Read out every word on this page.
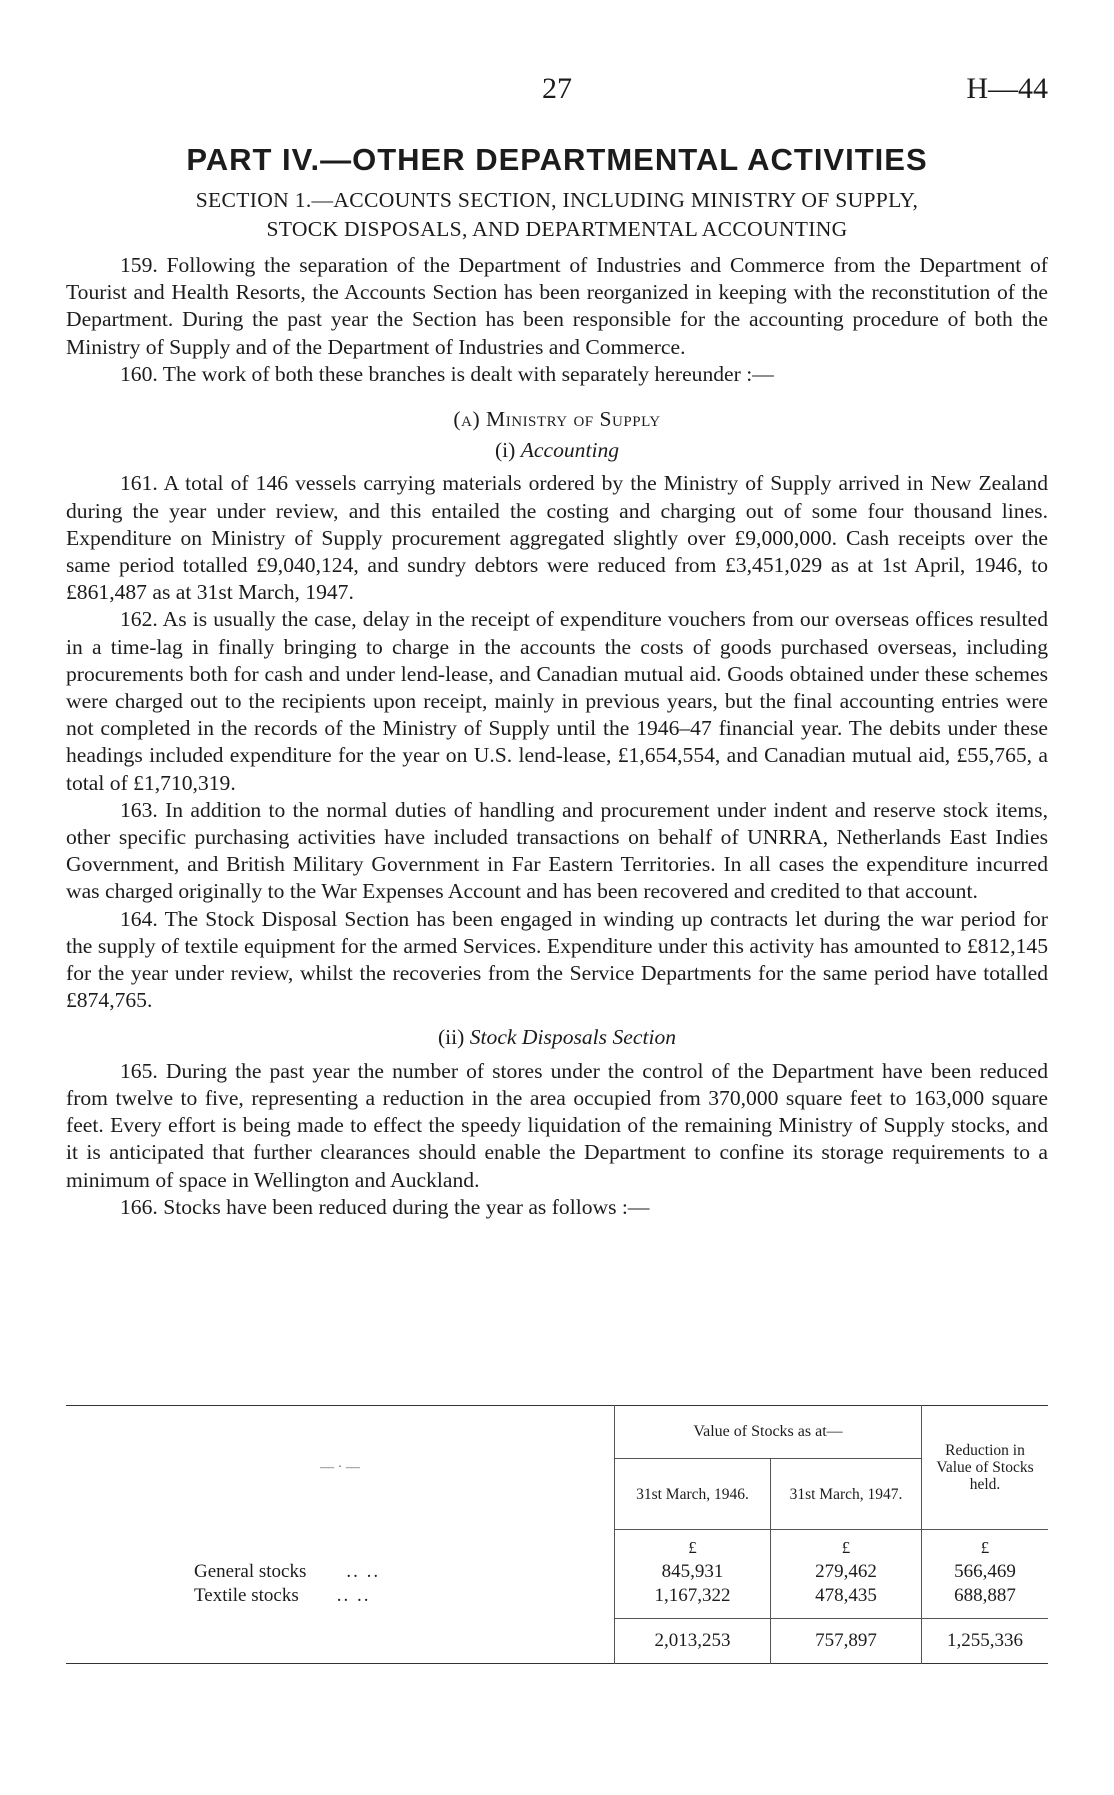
27	H—44
PART IV.—OTHER DEPARTMENTAL ACTIVITIES
SECTION 1.—ACCOUNTS SECTION, INCLUDING MINISTRY OF SUPPLY,
STOCK DISPOSALS, AND DEPARTMENTAL ACCOUNTING

159. Following the separation of the Department of Industries and Commerce from the Department of Tourist and Health Resorts, the Accounts Section has been reorganized in keeping with the reconstitution of the Department. During the past year the Section has been responsible for the accounting procedure of both the Ministry of Supply and of the Department of Industries and Commerce.

160. The work of both these branches is dealt with separately hereunder :—

(a) Ministry of Supply
(i) Accounting

161. A total of 146 vessels carrying materials ordered by the Ministry of Supply arrived in New Zealand during the year under review, and this entailed the costing and charging out of some four thousand lines. Expenditure on Ministry of Supply procurement aggregated slightly over £9,000,000. Cash receipts over the same period totalled £9,040,124, and sundry debtors were reduced from £3,451,029 as at 1st April, 1946, to £861,487 as at 31st March, 1947.

162. As is usually the case, delay in the receipt of expenditure vouchers from our overseas offices resulted in a time-lag in finally bringing to charge in the accounts the costs of goods purchased overseas, including procurements both for cash and under lend-lease, and Canadian mutual aid. Goods obtained under these schemes were charged out to the recipients upon receipt, mainly in previous years, but the final accounting entries were not completed in the records of the Ministry of Supply until the 1946–47 financial year. The debits under these headings included expenditure for the year on U.S. lend-lease, £1,654,554, and Canadian mutual aid, £55,765, a total of £1,710,319.

163. In addition to the normal duties of handling and procurement under indent and reserve stock items, other specific purchasing activities have included transactions on behalf of UNRRA, Netherlands East Indies Government, and British Military Government in Far Eastern Territories. In all cases the expenditure incurred was charged originally to the War Expenses Account and has been recovered and credited to that account.

164. The Stock Disposal Section has been engaged in winding up contracts let during the war period for the supply of textile equipment for the armed Services. Expenditure under this activity has amounted to £812,145 for the year under review, whilst the recoveries from the Service Departments for the same period have totalled £874,765.

(ii) Stock Disposals Section

165. During the past year the number of stores under the control of the Department have been reduced from twelve to five, representing a reduction in the area occupied from 370,000 square feet to 163,000 square feet. Every effort is being made to effect the speedy liquidation of the remaining Ministry of Supply stocks, and it is anticipated that further clearances should enable the Department to confine its storage requirements to a minimum of space in Wellington and Auckland.

166. Stocks have been reduced during the year as follows :—

— · —	Value of Stocks as at—		Reduction in Value of Stocks held.

	31st March, 1946.	31st March, 1947.	
	£	£	£
General stocks .. ..	845,931	279,462	566,469
Textile stocks .. ..	1,167,322	478,435	688,887

	2,013,253	757,897	1,255,336
